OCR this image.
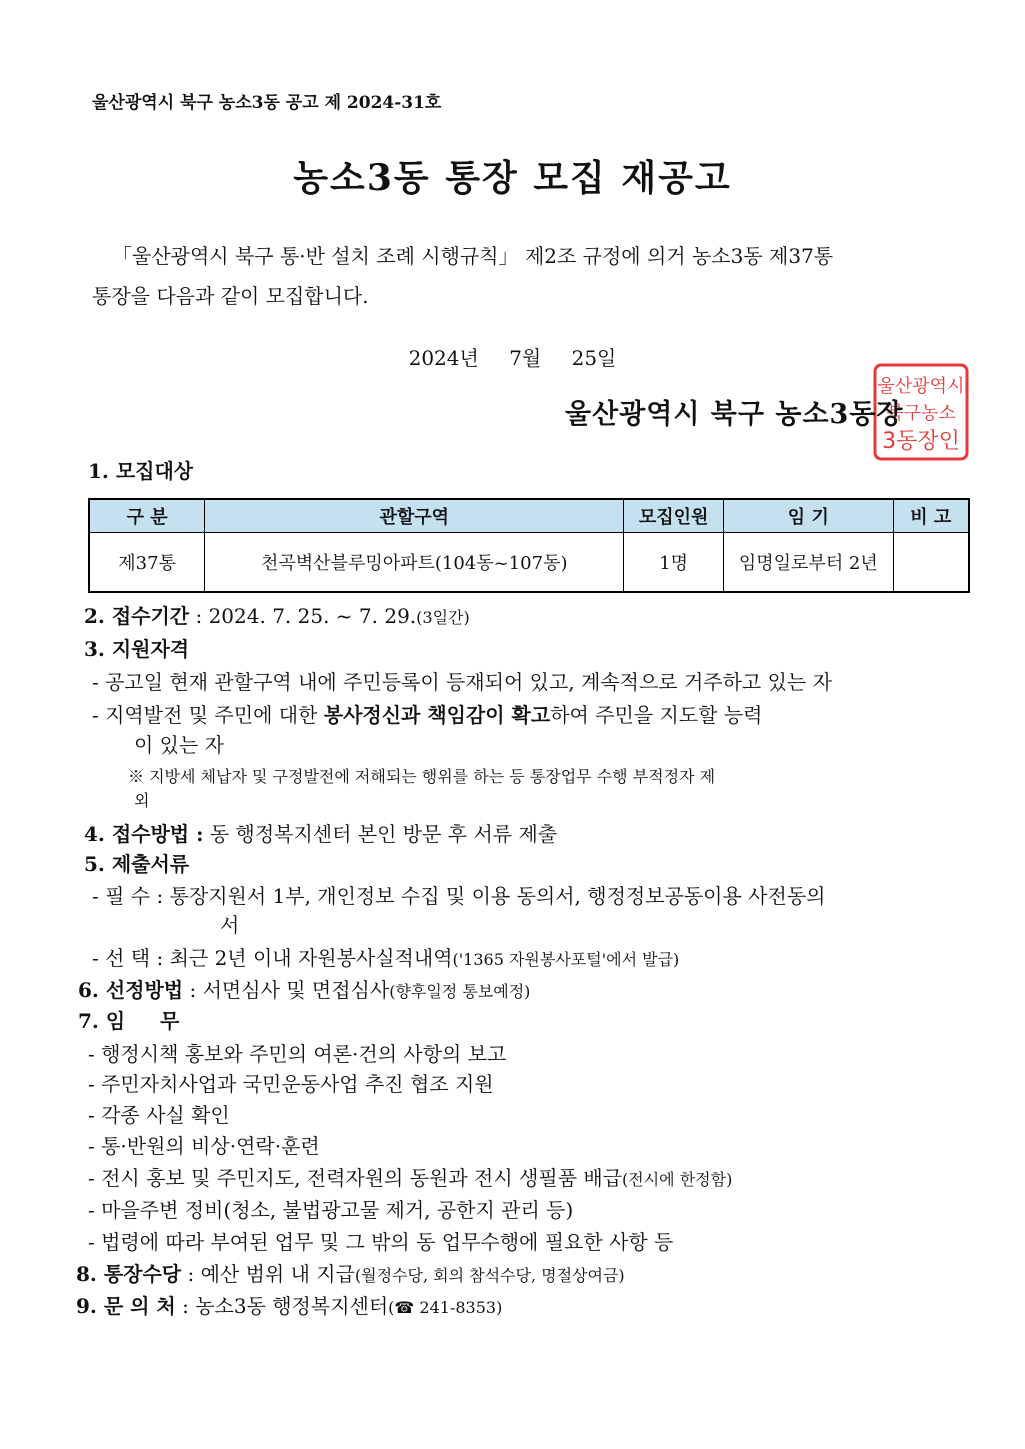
울산광역시 북구 농소3동 공고 제 2024-31호
농소3동 통장 모집 재공고
「울산광역시 북구 통·반 설치 조례 시행규칙」 제2조 규정에 의거 농소3동 제37통
통장을 다음과 같이 모집합니다.
2024년 7월 25일
울산광역시
북구농소
3동장인
울산광역시 북구 농소3동장
1. 모집대상
구 분	관할구역	모집인원	임 기	비 고
제37통	천곡벽산블루밍아파트(104동~107동)	1명	임명일로부터 2년	
2. 접수기간 : 2024. 7. 25. ~ 7. 29.(3일간)
3. 지원자격
- 공고일 현재 관할구역 내에 주민등록이 등재되어 있고, 계속적으로 거주하고 있는 자
- 지역발전 및 주민에 대한 봉사정신과 책임감이 확고하여 주민을 지도할 능력
이 있는 자
※ 지방세 체납자 및 구정발전에 저해되는 행위를 하는 등 통장업무 수행 부적정자 제
외
4. 접수방법 : 동 행정복지센터 본인 방문 후 서류 제출
5. 제출서류
- 필 수 : 통장지원서 1부, 개인정보 수집 및 이용 동의서, 행정정보공동이용 사전동의
서
- 선 택 : 최근 2년 이내 자원봉사실적내역('1365 자원봉사포털'에서 발급)
6. 선정방법 : 서면심사 및 면접심사(향후일정 통보예정)
7. 임     무
- 행정시책 홍보와 주민의 여론·건의 사항의 보고
- 주민자치사업과 국민운동사업 추진 협조 지원
- 각종 사실 확인
- 통·반원의 비상·연락·훈련
- 전시 홍보 및 주민지도, 전력자원의 동원과 전시 생필품 배급(전시에 한정함)
- 마을주변 정비(청소, 불법광고물 제거, 공한지 관리 등)
- 법령에 따라 부여된 업무 및 그 밖의 동 업무수행에 필요한 사항 등
8. 통장수당 : 예산 범위 내 지급(월정수당, 회의 참석수당, 명절상여금)
9. 문 의 처 : 농소3동 행정복지센터(☎ 241-8353)
